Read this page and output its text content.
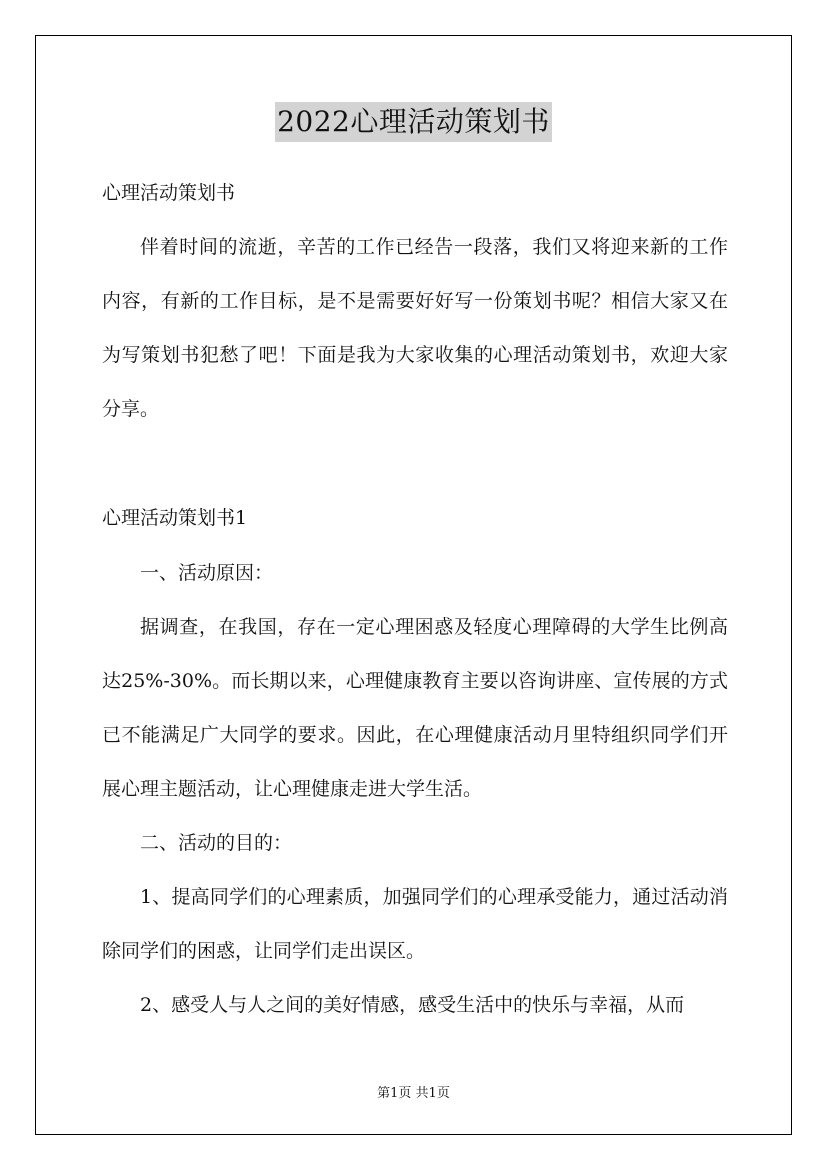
2022心理活动策划书

心理活动策划书

伴着时间的流逝，辛苦的工作已经告一段落，我们又将迎来新的工作内容，有新的工作目标，是不是需要好好写一份策划书呢？相信大家又在为写策划书犯愁了吧！下面是我为大家收集的心理活动策划书，欢迎大家分享。

心理活动策划书1

一、活动原因：

据调查，在我国，存在一定心理困惑及轻度心理障碍的大学生比例高达25%-30%。而长期以来，心理健康教育主要以咨询讲座、宣传展的方式已不能满足广大同学的要求。因此，在心理健康活动月里特组织同学们开展心理主题活动，让心理健康走进大学生活。

二、活动的目的：

1、提高同学们的心理素质，加强同学们的心理承受能力，通过活动消除同学们的困惑，让同学们走出误区。

2、感受人与人之间的美好情感，感受生活中的快乐与幸福，从而

第1页 共1页
